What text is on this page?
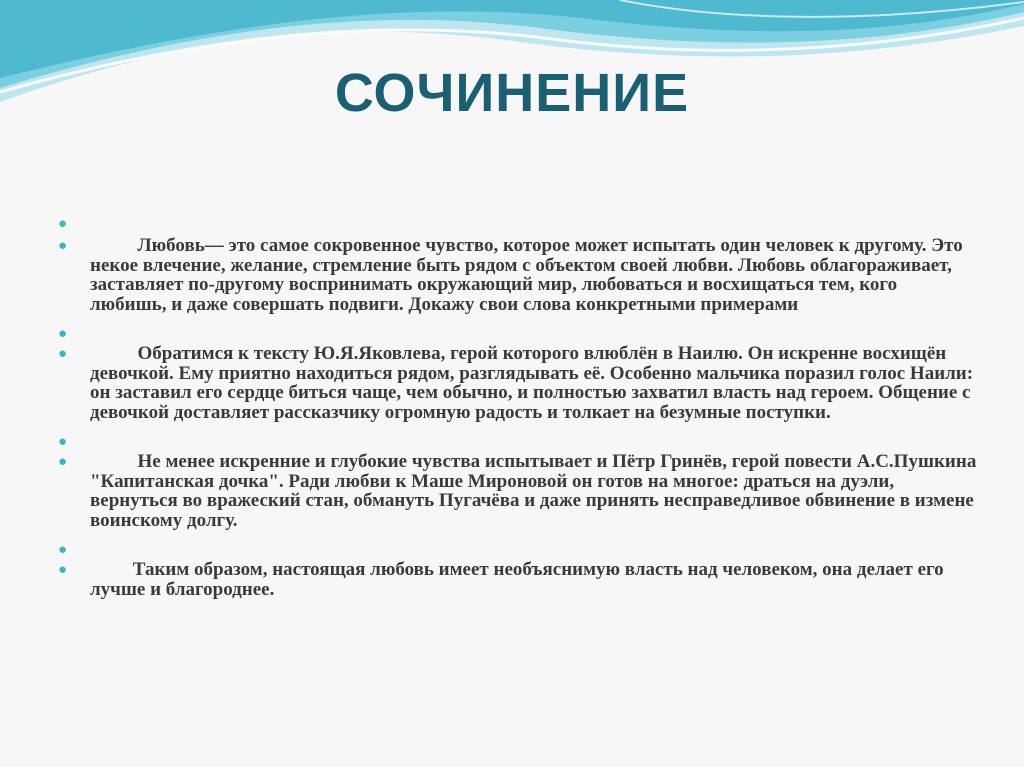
СОЧИНЕНИЕ
●
● Любовь— это самое сокровенное чувство, которое может испытать один человек к другому. Это некое влечение, желание, стремление быть рядом с объектом своей любви. Любовь облагораживает, заставляет по-другому воспринимать окружающий мир, любоваться и восхищаться тем, кого любишь, и даже совершать подвиги. Докажу свои слова конкретными примерами
●
● Обратимся к тексту Ю.Я.Яковлева, герой которого влюблён в Наилю. Он искренне восхищён девочкой. Ему приятно находиться рядом, разглядывать её. Особенно мальчика поразил голос Наили: он заставил его сердце биться чаще, чем обычно, и полностью захватил власть над героем. Общение с девочкой доставляет рассказчику огромную радость и толкает на безумные поступки.
●
● Не менее искренние и глубокие чувства испытывает и Пётр Гринёв, герой повести А.С.Пушкина "Капитанская дочка". Ради любви к Маше Мироновой он готов на многое: драться на дуэли, вернуться во вражеский стан, обмануть Пугачёва и даже принять несправедливое обвинение в измене воинскому долгу.
●
● Таким образом, настоящая любовь имеет необъяснимую власть над человеком, она делает его лучше и благороднее.
